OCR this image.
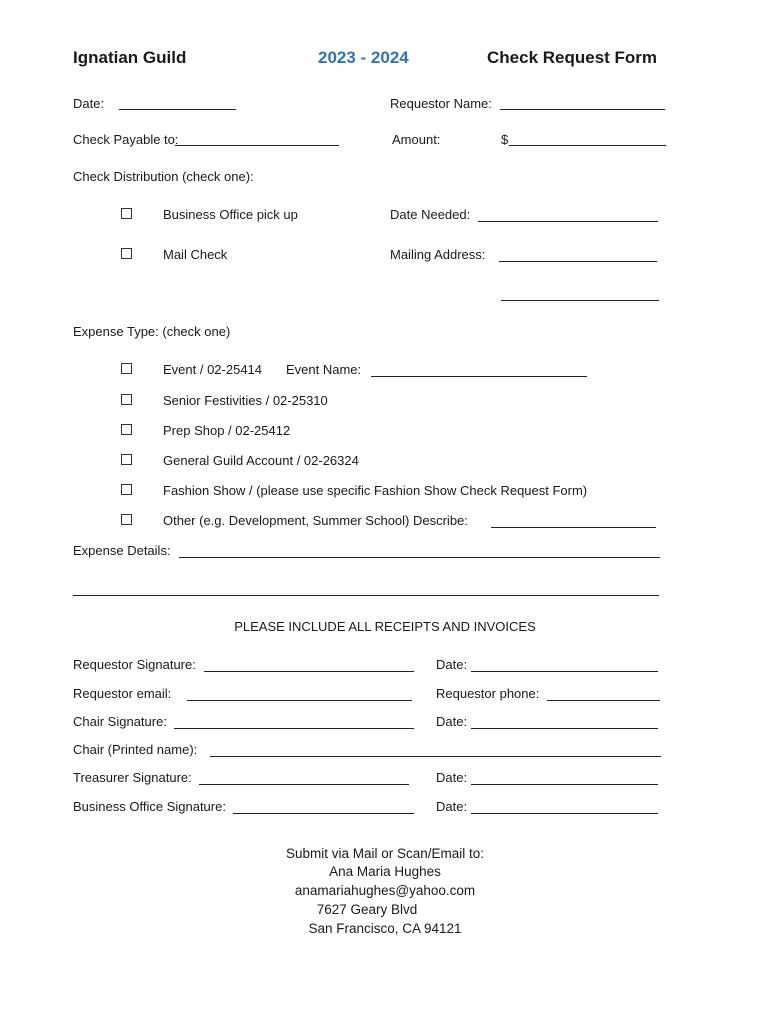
Ignatian Guild	2023 - 2024	Check Request Form
Date:	Requestor Name:
Check Payable to:	Amount:	$
Check Distribution (check one):
Business Office pick up	Date Needed:
Mail Check	Mailing Address:
Expense Type: (check one)
Event / 02-25414 Event Name:
Senior Festivities / 02-25310
Prep Shop / 02-25412
General Guild Account / 02-26324
Fashion Show / (please use specific Fashion Show Check Request Form)
Other (e.g. Development, Summer School) Describe:
Expense Details:
PLEASE INCLUDE ALL RECEIPTS AND INVOICES
Requestor Signature:	Date:
Requestor email:	Requestor phone:
Chair Signature:	Date:
Chair (Printed name):
Treasurer Signature:	Date:
Business Office Signature:	Date:
Submit via Mail or Scan/Email to:
Ana Maria Hughes
anamariahughes@yahoo.com
7627 Geary Blvd
San Francisco, CA 94121
